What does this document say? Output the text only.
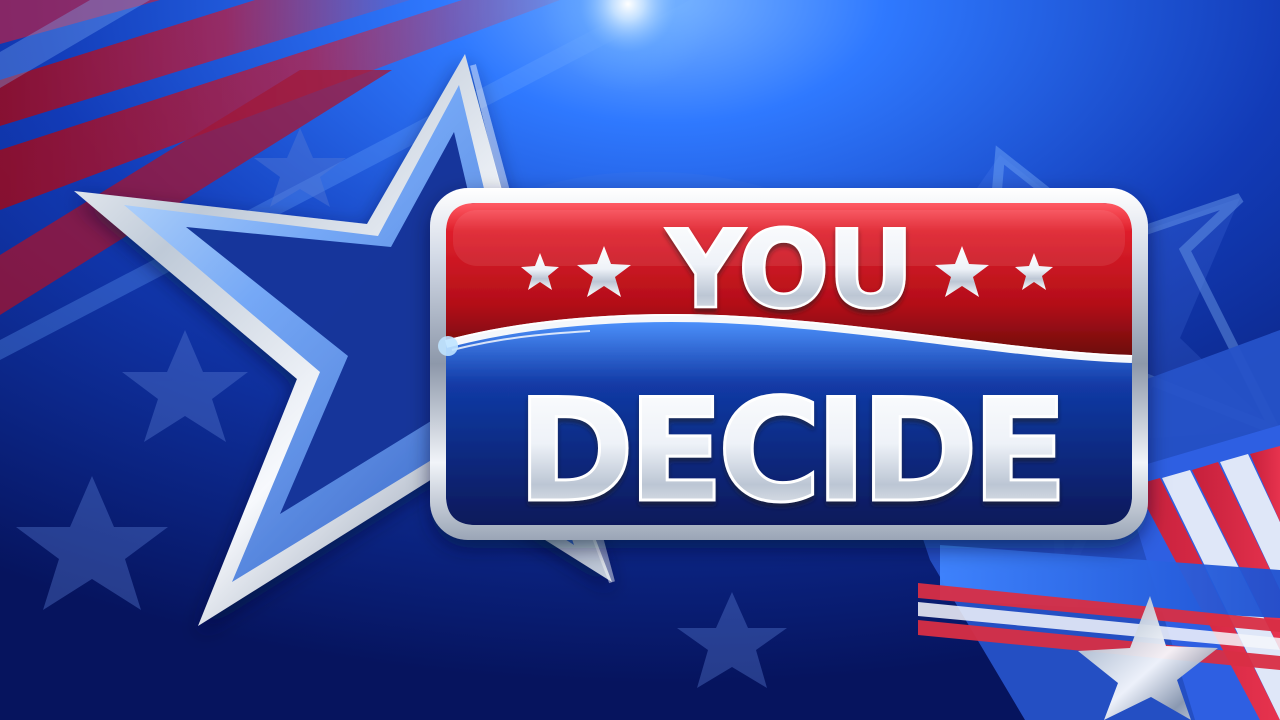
YOU
DECIDE
